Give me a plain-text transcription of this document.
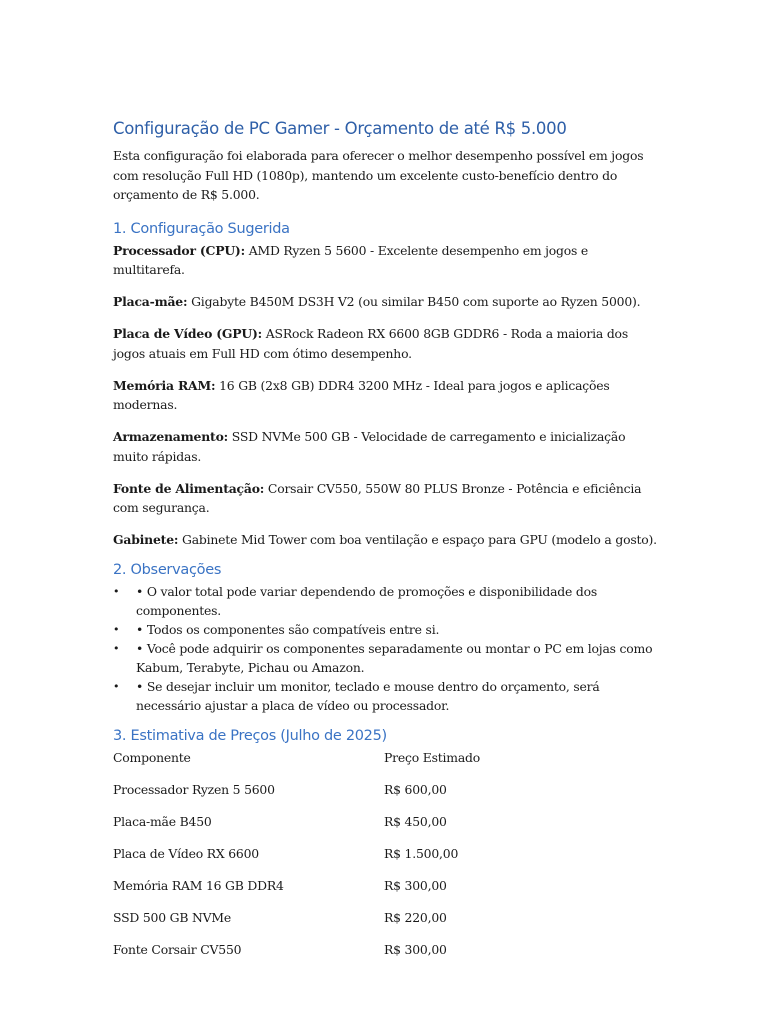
Configuração de PC Gamer - Orçamento de até R$ 5.000

Esta configuração foi elaborada para oferecer o melhor desempenho possível em jogos com resolução Full HD (1080p), mantendo um excelente custo-benefício dentro do orçamento de R$ 5.000.

1. Configuração Sugerida

Processador (CPU): AMD Ryzen 5 5600 - Excelente desempenho em jogos e multitarefa.

Placa-mãe: Gigabyte B450M DS3H V2 (ou similar B450 com suporte ao Ryzen 5000).

Placa de Vídeo (GPU): ASRock Radeon RX 6600 8GB GDDR6 - Roda a maioria dos jogos atuais em Full HD com ótimo desempenho.

Memória RAM: 16 GB (2x8 GB) DDR4 3200 MHz - Ideal para jogos e aplicações modernas.

Armazenamento: SSD NVMe 500 GB - Velocidade de carregamento e inicialização muito rápidas.

Fonte de Alimentação: Corsair CV550, 550W 80 PLUS Bronze - Potência e eficiência com segurança.

Gabinete: Gabinete Mid Tower com boa ventilação e espaço para GPU (modelo a gosto).

2. Observações
• • O valor total pode variar dependendo de promoções e disponibilidade dos componentes.
• • Todos os componentes são compatíveis entre si.
• • Você pode adquirir os componentes separadamente ou montar o PC em lojas como Kabum, Terabyte, Pichau ou Amazon.
• • Se desejar incluir um monitor, teclado e mouse dentro do orçamento, será necessário ajustar a placa de vídeo ou processador.
3. Estimativa de Preços (Julho de 2025)
Componente	Preço Estimado
Processador Ryzen 5 5600	R$ 600,00
Placa-mãe B450	R$ 450,00
Placa de Vídeo RX 6600	R$ 1.500,00
Memória RAM 16 GB DDR4	R$ 300,00
SSD 500 GB NVMe	R$ 220,00
Fonte Corsair CV550	R$ 300,00
